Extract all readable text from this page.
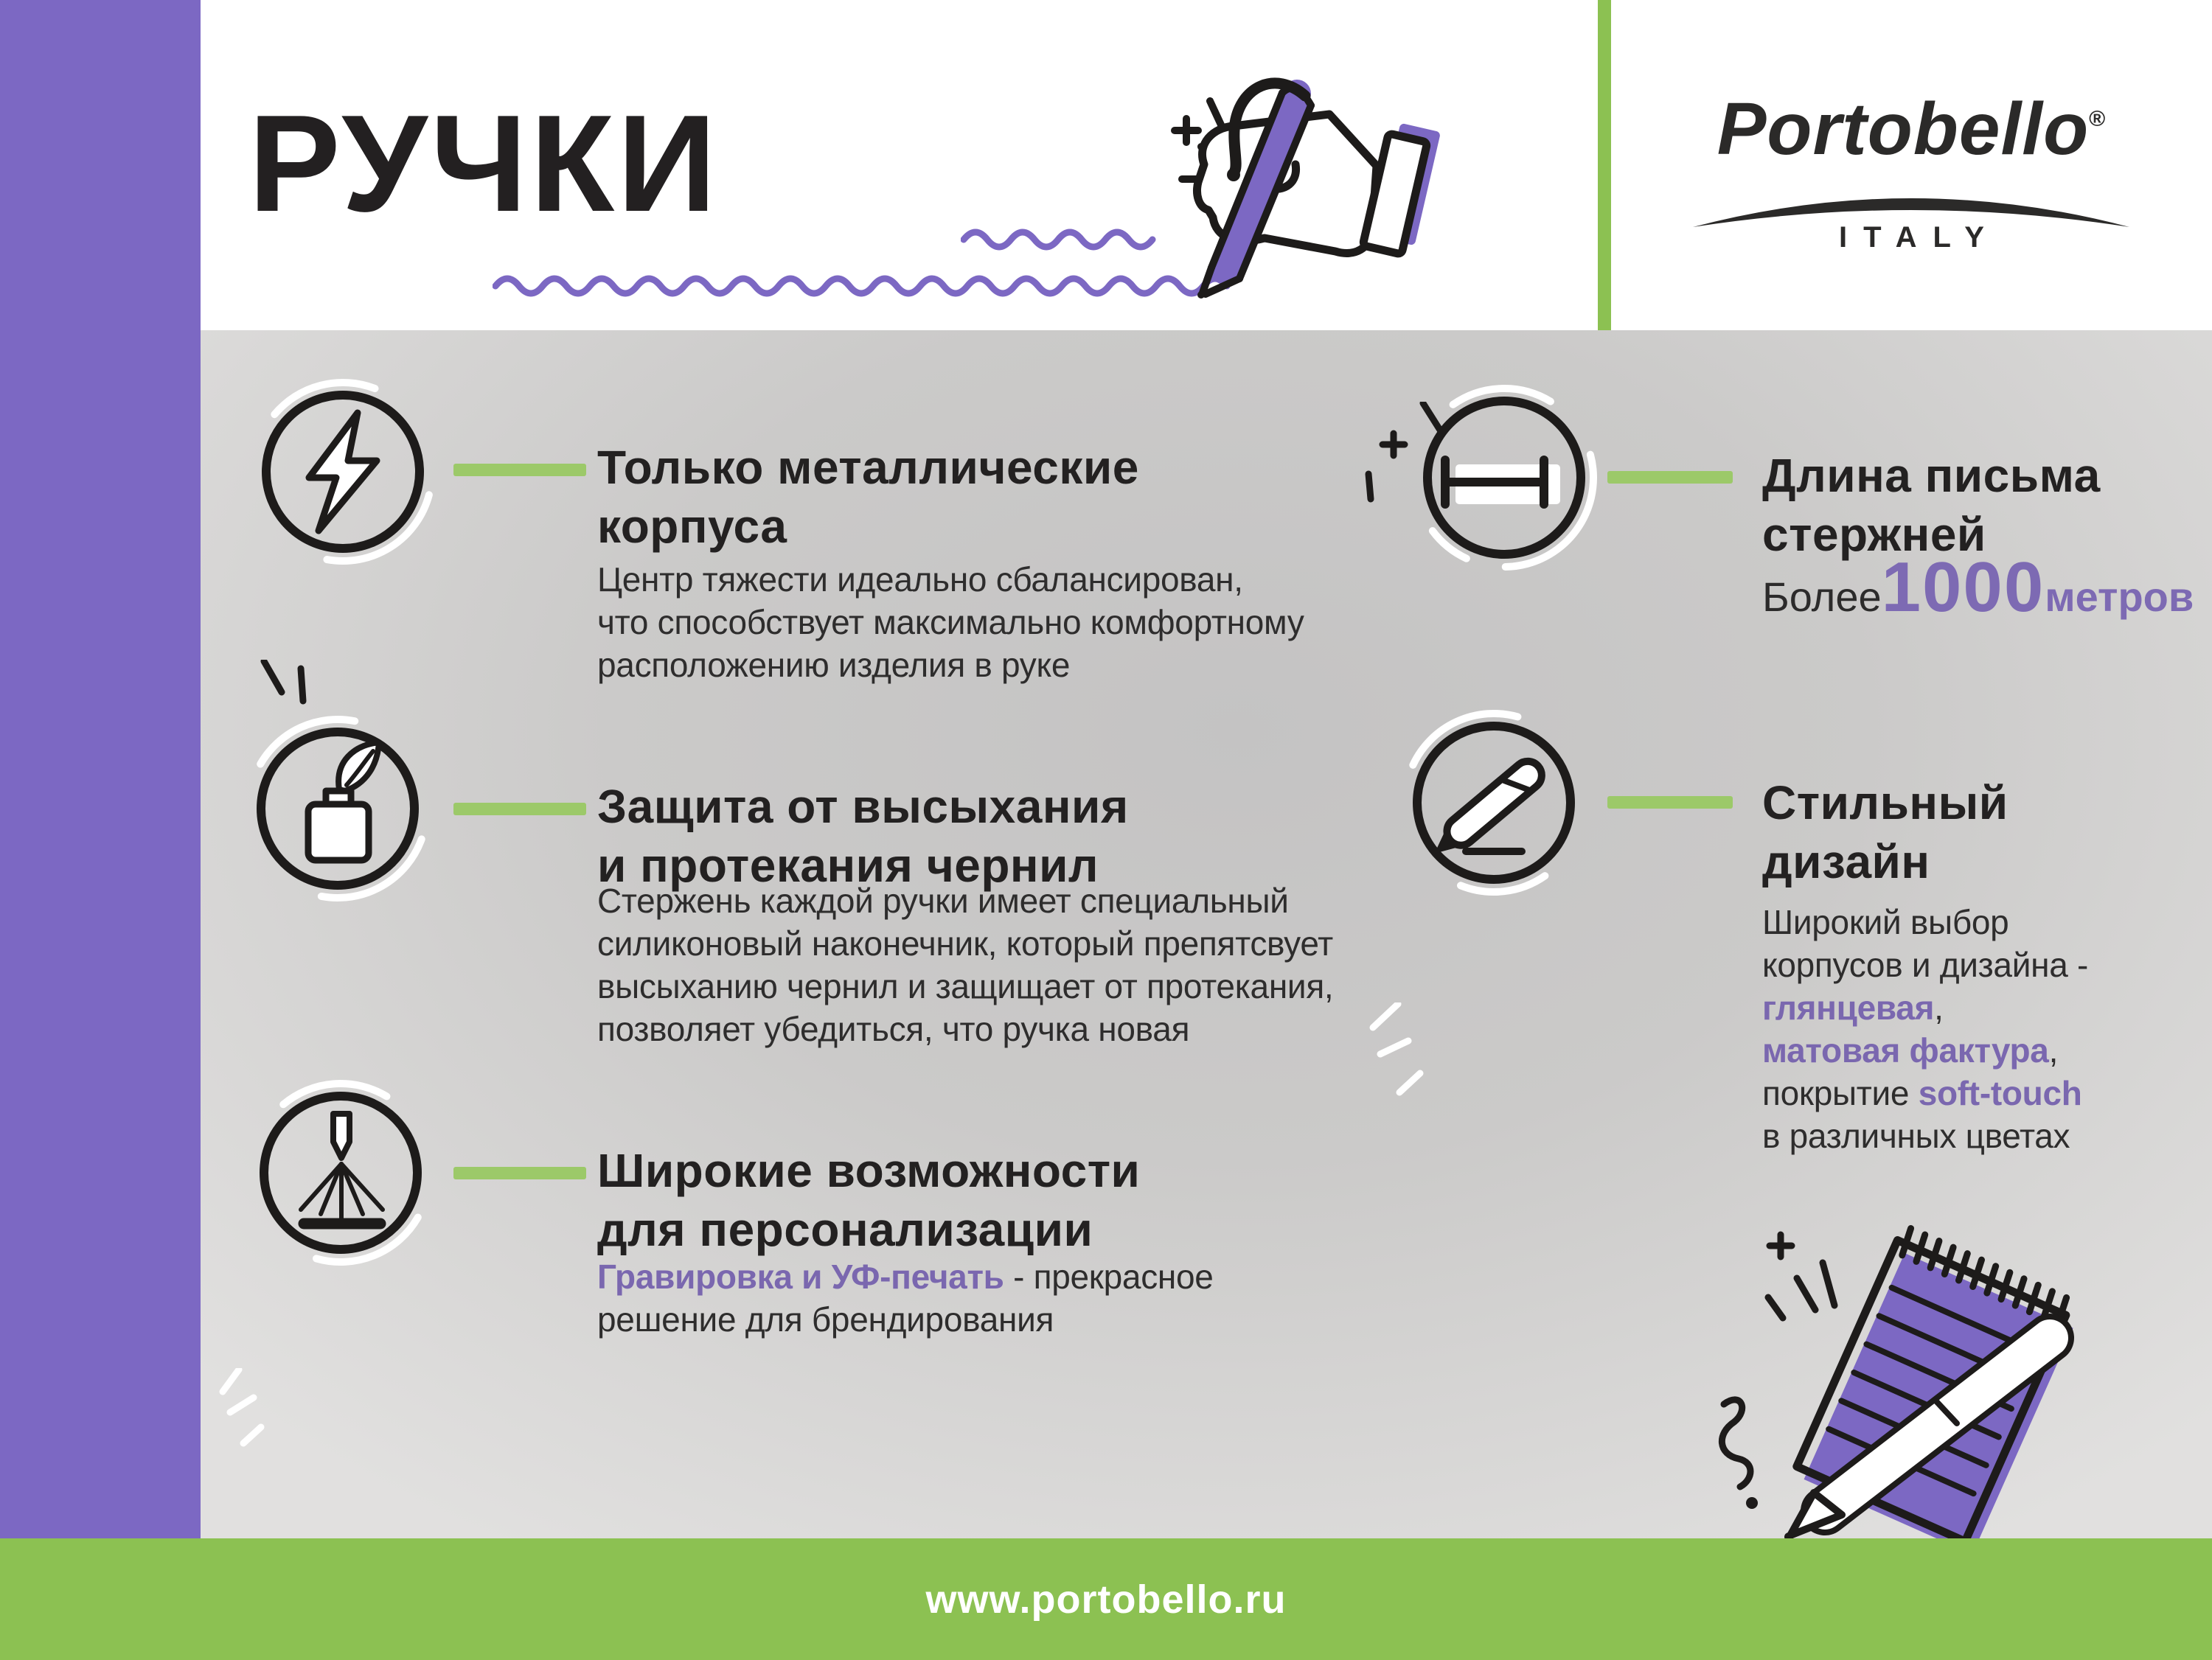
РУЧКИ	Portobello®
ITALY
Только металлические
корпуса
Центр тяжести идеально сбалансирован,
что способствует максимально комфортному
расположению изделия в руке
Защита от высыхания
и протекания чернил
Стержень каждой ручки имеет специальный
силиконовый наконечник, который препятсвует
высыханию чернил и защищает от протекания,
позволяет убедиться, что ручка новая
Широкие возможности
для персонализации
Гравировка и УФ-печать - прекрасное
решение для брендирования
Длина письма
стержней
Более 1000 метров
Стильный
дизайн
Широкий выбор
корпусов и дизайна -
глянцевая,
матовая фактура,
покрытие soft-touch
в различных цветах
www.portobello.ru
